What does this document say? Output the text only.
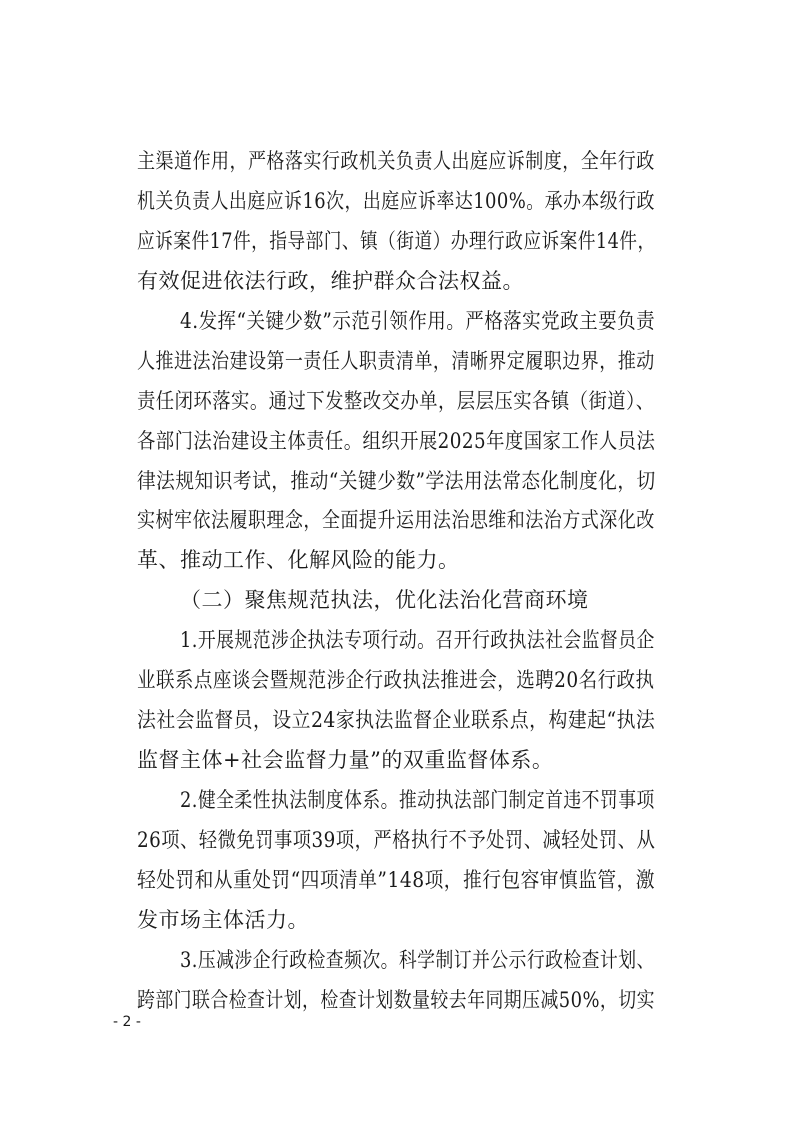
主渠道作用，严格落实行政机关负责人出庭应诉制度，全年行政
机关负责人出庭应诉16次，出庭应诉率达100%。承办本级行政
应诉案件17件，指导部门、镇（街道）办理行政应诉案件14件，
有效促进依法行政，维护群众合法权益。
4.发挥“关键少数”示范引领作用。严格落实党政主要负责
人推进法治建设第一责任人职责清单，清晰界定履职边界，推动
责任闭环落实。通过下发整改交办单，层层压实各镇（街道）、
各部门法治建设主体责任。组织开展2025年度国家工作人员法
律法规知识考试，推动“关键少数”学法用法常态化制度化，切
实树牢依法履职理念，全面提升运用法治思维和法治方式深化改
革、推动工作、化解风险的能力。
（二）聚焦规范执法，优化法治化营商环境
1.开展规范涉企执法专项行动。召开行政执法社会监督员企
业联系点座谈会暨规范涉企行政执法推进会，选聘20名行政执
法社会监督员，设立24家执法监督企业联系点，构建起“执法
监督主体+社会监督力量”的双重监督体系。
2.健全柔性执法制度体系。推动执法部门制定首违不罚事项
26项、轻微免罚事项39项，严格执行不予处罚、减轻处罚、从
轻处罚和从重处罚“四项清单”148项，推行包容审慎监管，激
发市场主体活力。
3.压减涉企行政检查频次。科学制订并公示行政检查计划、
跨部门联合检查计划，检查计划数量较去年同期压减50%，切实
- 2 -
